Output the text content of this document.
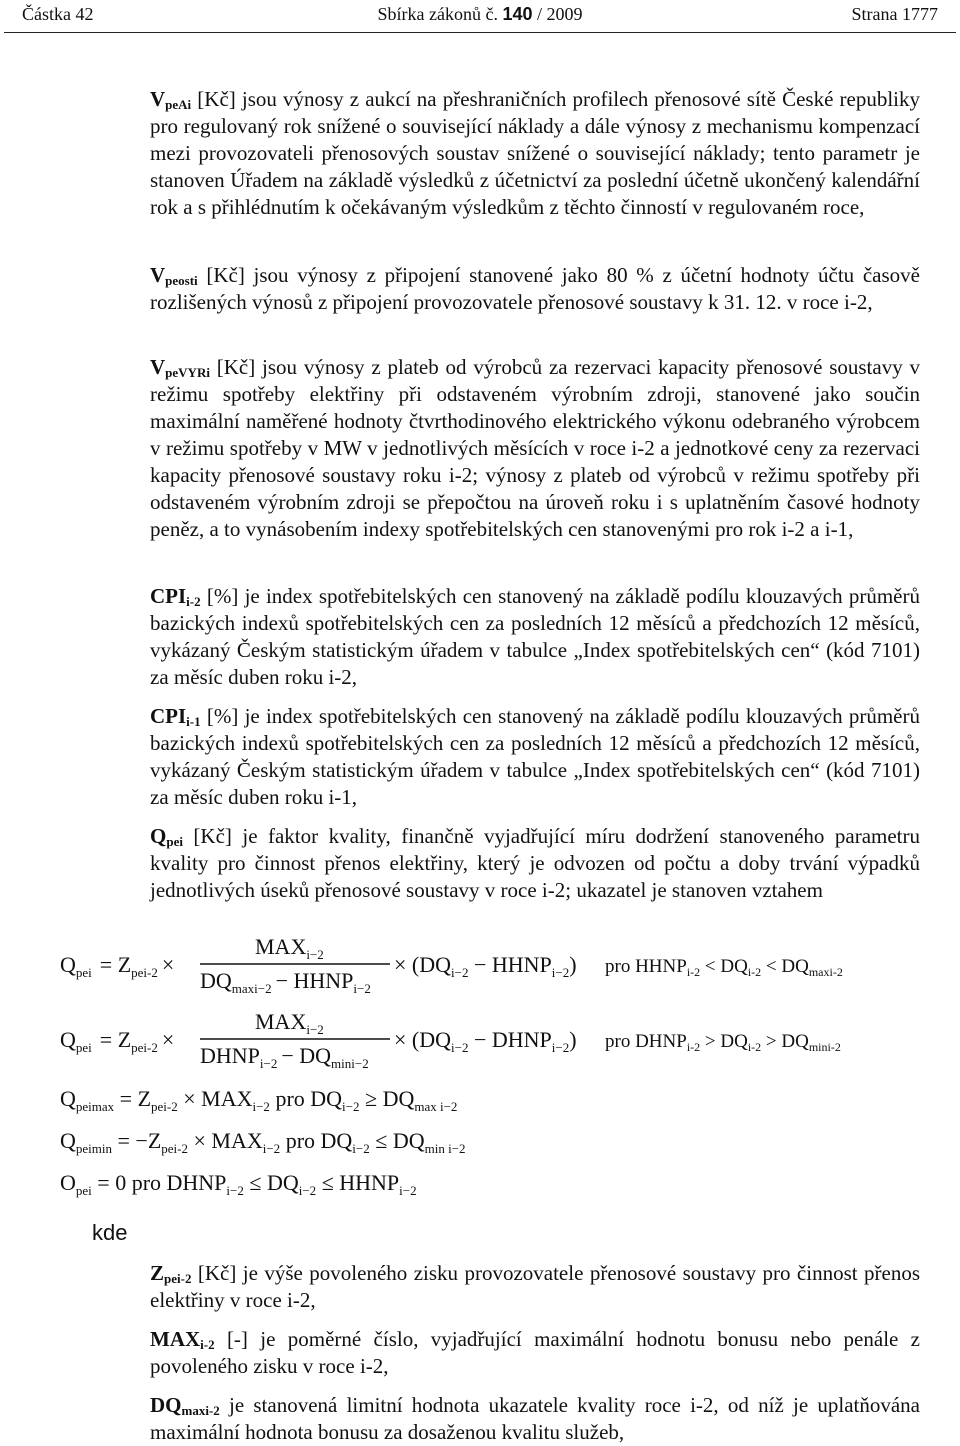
Částka 42	Sbírka zákonů č. 140 / 2009	Strana 1777
$V_{peAi}$ [Kč] jsou výnosy z aukcí na přeshraničních profilech přenosové sítě České republiky pro regulovaný rok snížené o související náklady a dále výnosy z mechanismu kompenzací mezi provozovateli přenosových soustav snížené o související náklady; tento parametr je stanoven Úřadem na základě výsledků z účetnictví za poslední účetně ukončený kalendářní rok a s přihlédnutím k očekávaným výsledkům z těchto činností v regulovaném roce,
$V_{peosti}$ [Kč] jsou výnosy z připojení stanovené jako 80 % z účetní hodnoty účtu časově rozlišených výnosů z připojení provozovatele přenosové soustavy k 31. 12. v roce i-2,
$V_{peVYRi}$ [Kč] jsou výnosy z plateb od výrobců za rezervaci kapacity přenosové soustavy v režimu spotřeby elektřiny při odstaveném výrobním zdroji, stanovené jako součin maximální naměřené hodnoty čtvrthodinového elektrického výkonu odebraného výrobcem v režimu spotřeby v MW v jednotlivých měsících v roce i-2 a jednotkové ceny za rezervaci kapacity přenosové soustavy roku i-2; výnosy z plateb od výrobců v režimu spotřeby při odstaveném výrobním zdroji se přepočtou na úroveň roku i s uplatněním časové hodnoty peněz, a to vynásobením indexy spotřebitelských cen stanovenými pro rok i-2 a i-1,
$CPI_{i-2}$ [%] je index spotřebitelských cen stanovený na základě podílu klouzavých průměrů bazických indexů spotřebitelských cen za posledních 12 měsíců a předchozích 12 měsíců, vykázaný Českým statistickým úřadem v tabulce „Index spotřebitelských cen“ (kód 7101) za měsíc duben roku i-2,
$CPI_{i-1}$ [%] je index spotřebitelských cen stanovený na základě podílu klouzavých průměrů bazických indexů spotřebitelských cen za posledních 12 měsíců a předchozích 12 měsíců, vykázaný Českým statistickým úřadem v tabulce „Index spotřebitelských cen“ (kód 7101) za měsíc duben roku i-1,
$Q_{pei}$ [Kč] je faktor kvality, finančně vyjadřující míru dodržení stanoveného parametru kvality pro činnost přenos elektřiny, který je odvozen od počtu a doby trvání výpadků jednotlivých úseků přenosové soustavy v roce i-2; ukazatel je stanoven vztahem
$Q_{pei} = Z_{pei-2}$ ×
$MAX_{i-2}$
$DQ_{maxi-2}$ − $HHNP_{i-2}$
× ($DQ_{i-2}$ − $HHNP_{i-2}$) pro $HHNP_{i-2} < DQ_{i-2} < DQ_{maxi-2}$
$Q_{pei} = Z_{pei-2}$ ×
$MAX_{i-2}$
$DHNP_{i-2} - DQ_{mini-2}$
× ($DQ_{i-2}$ − $DHNP_{i-2}$) pro $DHNP_{i-2} > DQ_{i-2} > DQ_{mini-2}$
$Q_{peimax} = Z_{pei-2} \times MAX_{i-2}$ pro $DQ_{i-2} \ge DQ_{max i-2}$
$Q_{peimin} = -Z_{pei-2} \times MAX_{i-2}$ pro $DQ_{i-2} \le DQ_{min i-2}$
$O_{pei} = 0$ pro $DHNP_{i-2} \le DQ_{i-2}$ ≤ $HHNP_{i-2}$
kde
$Z_{pei-2}$ [Kč] je výše povoleného zisku provozovatele přenosové soustavy pro činnost přenos elektřiny v roce i-2,
$MAX_{i-2}$ [-] je poměrné číslo, vyjadřující maximální hodnotu bonusu nebo penále z povoleného zisku v roce i-2,
$DQ_{maxi-2}$ je stanovená limitní hodnota ukazatele kvality roce i-2, od níž je uplatňována maximální hodnota bonusu za dosaženou kvalitu služeb,
